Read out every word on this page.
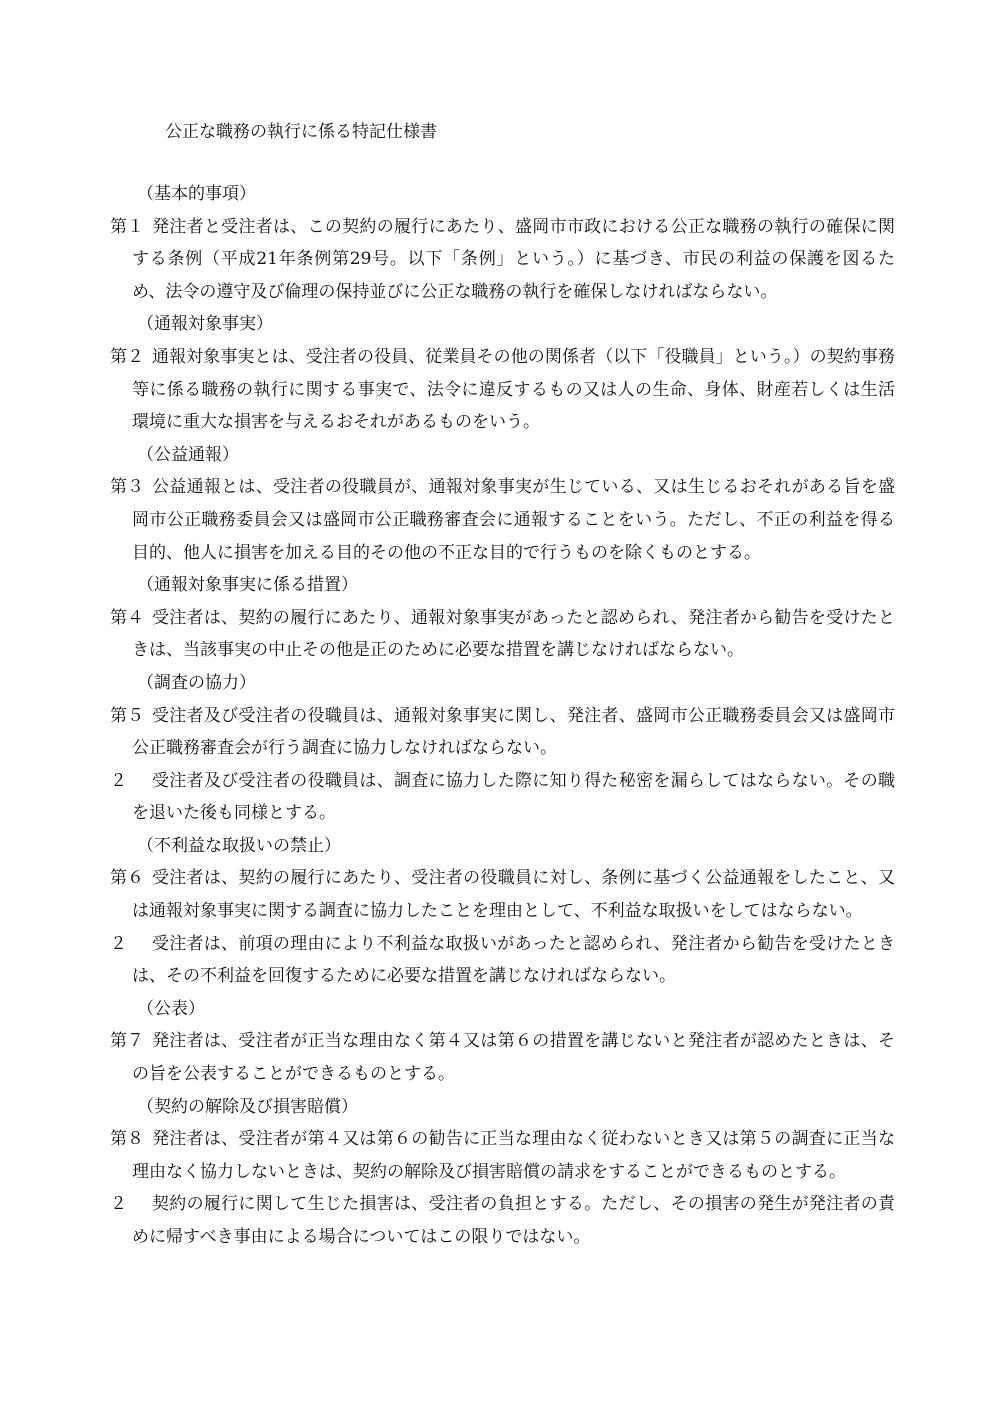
公正な職務の執行に係る特記仕様書
（基本的事項）
第１ 発注者と受注者は、この契約の履行にあたり、盛岡市市政における公正な職務の執行の確保に関する条例（平成21年条例第29号。以下「条例」という。）に基づき、市民の利益の保護を図るため、法令の遵守及び倫理の保持並びに公正な職務の執行を確保しなければならない。
（通報対象事実）
第２ 通報対象事実とは、受注者の役員、従業員その他の関係者（以下「役職員」という。）の契約事務等に係る職務の執行に関する事実で、法令に違反するもの又は人の生命、身体、財産若しくは生活環境に重大な損害を与えるおそれがあるものをいう。
（公益通報）
第３ 公益通報とは、受注者の役職員が、通報対象事実が生じている、又は生じるおそれがある旨を盛岡市公正職務委員会又は盛岡市公正職務審査会に通報することをいう。ただし、不正の利益を得る目的、他人に損害を加える目的その他の不正な目的で行うものを除くものとする。
（通報対象事実に係る措置）
第４ 受注者は、契約の履行にあたり、通報対象事実があったと認められ、発注者から勧告を受けたときは、当該事実の中止その他是正のために必要な措置を講じなければならない。
（調査の協力）
第５ 受注者及び受注者の役職員は、通報対象事実に関し、発注者、盛岡市公正職務委員会又は盛岡市公正職務審査会が行う調査に協力しなければならない。
２	受注者及び受注者の役職員は、調査に協力した際に知り得た秘密を漏らしてはならない。その職を退いた後も同様とする。
（不利益な取扱いの禁止）
第６ 受注者は、契約の履行にあたり、受注者の役職員に対し、条例に基づく公益通報をしたこと、又は通報対象事実に関する調査に協力したことを理由として、不利益な取扱いをしてはならない。
２	受注者は、前項の理由により不利益な取扱いがあったと認められ、発注者から勧告を受けたときは、その不利益を回復するために必要な措置を講じなければならない。
（公表）
第７ 発注者は、受注者が正当な理由なく第４又は第６の措置を講じないと発注者が認めたときは、その旨を公表することができるものとする。
（契約の解除及び損害賠償）
第８ 発注者は、受注者が第４又は第６の勧告に正当な理由なく従わないとき又は第５の調査に正当な理由なく協力しないときは、契約の解除及び損害賠償の請求をすることができるものとする。
２	契約の履行に関して生じた損害は、受注者の負担とする。ただし、その損害の発生が発注者の責めに帰すべき事由による場合についてはこの限りではない。
